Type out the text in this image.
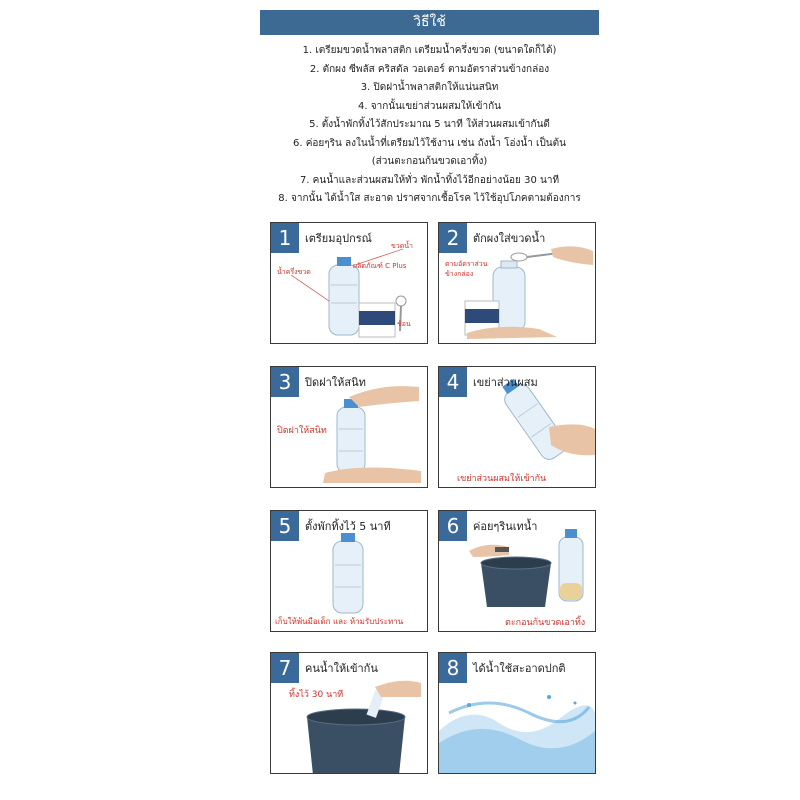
วิธีใช้
1. เตรียมขวดน้ำพลาสติก เตรียมน้ำครึ่งขวด (ขนาดใดก็ได้)
2. ตักผง ซีพลัส คริสตัล วอเตอร์ ตามอัตราส่วนข้างกล่อง
3. ปิดฝาน้ำพลาสติกให้แน่นสนิท
4. จากนั้นเขย่าส่วนผสมให้เข้ากัน
5. ตั้งน้ำพักทิ้งไว้สักประมาณ 5 นาที ให้ส่วนผสมเข้ากันดี
6. ค่อยๆริน ลงในน้ำที่เตรียมไว้ใช้งาน เช่น ถังน้ำ โอ่งน้ำ เป็นต้น
(ส่วนตะกอนก้นขวดเอาทิ้ง)
7. คนน้ำและส่วนผสมให้ทั่ว พักน้ำทิ้งไว้อีกอย่างน้อย 30 นาที
8. จากนั้น ได้น้ำใส สะอาด ปราศจากเชื้อโรค ไว้ใช้อุปโภคตามต้องการ
1	เตรียมอุปกรณ์
ขวดน้ำ
น้ำครึ่งขวด
ผลิตภัณฑ์ C Plus
ช้อน
C PLUS
2	ตักผงใส่ขวดน้ำ
ตามอัตราส่วน
ข้างกล่อง
C PLUS
3	ปิดฝาให้สนิท
ปิดฝาให้สนิท
4	เขย่าส่วนผสม
เขย่าส่วนผสมให้เข้ากัน
5	ตั้งพักทิ้งไว้ 5 นาที
เก็บให้พ้นมือเด็ก และ ห้ามรับประทาน
6	ค่อยๆรินเทน้ำ
ตะกอนก้นขวดเอาทิ้ง
7	คนน้ำให้เข้ากัน
ทิ้งไว้ 30 นาที
8	ได้น้ำใช้สะอาดปกติ
